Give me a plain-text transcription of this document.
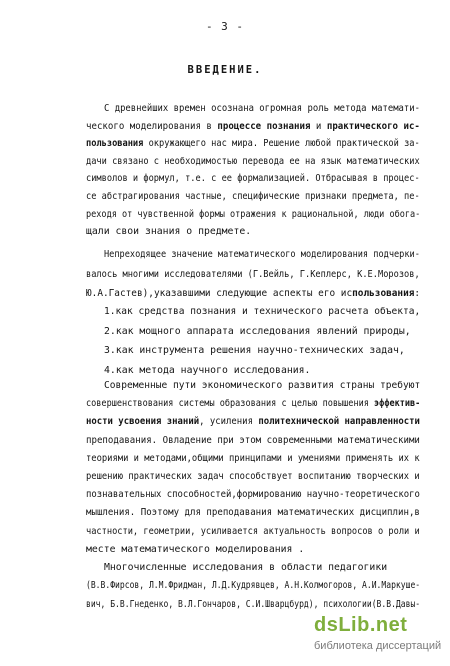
- 3 -
ВВЕДЕНИЕ.
С древнейших времен осознана огромная роль метода математи-
ческого моделирования в процессе познания и практического ис-
пользования окружающего нас мира. Решение любой практической за-
дачи связано с необходимостью перевода ее на язык математических
символов и формул, т.е. с ее формализацией. Отбрасывая в процес-
се абстрагирования частные, специфические признаки предмета, пе-
реходя от чувственной формы отражения к рациональной, люди обога-
щали свои знания о предмете.
Непреходящее значение математического моделирования подчерки-
валось многими исследователями (Г.Вейль, Г.Кеплерс, К.Е.Морозов,
Ю.А.Гастев),указавшими следующие аспекты его использования:
1.как средства познания и технического расчета объекта,
2.как мощного аппарата исследования явлений природы,
3.как инструмента решения научно-технических задач,
4.как метода научного исследования.
Современные пути экономического развития страны требуют
совершенствования системы образования с целью повышения эффектив-
ности усвоения знаний, усиления политехнической направленности
преподавания. Овладение при этом современными математическими
теориями и методами,общими принципами и умениями применять их к
решению практических задач способствует воспитанию творческих и
познавательных способностей,формированию научно-теоретического
мышления. Поэтому для преподавания математических дисциплин,в
частности, геометрии, усиливается актуальность вопросов о роли и
месте математического моделирования .
Многочисленные исследования в области педагогики
(В.В.Фирсов, Л.М.Фридман, Л.Д.Кудрявцев, А.Н.Колмогоров, А.И.Маркуше-
вич, Б.В.Гнеденко, В.Л.Гончаров, С.И.Шварцбурд), психологии(В.В.Давы-
dsLib.net
библиотека диссертаций
